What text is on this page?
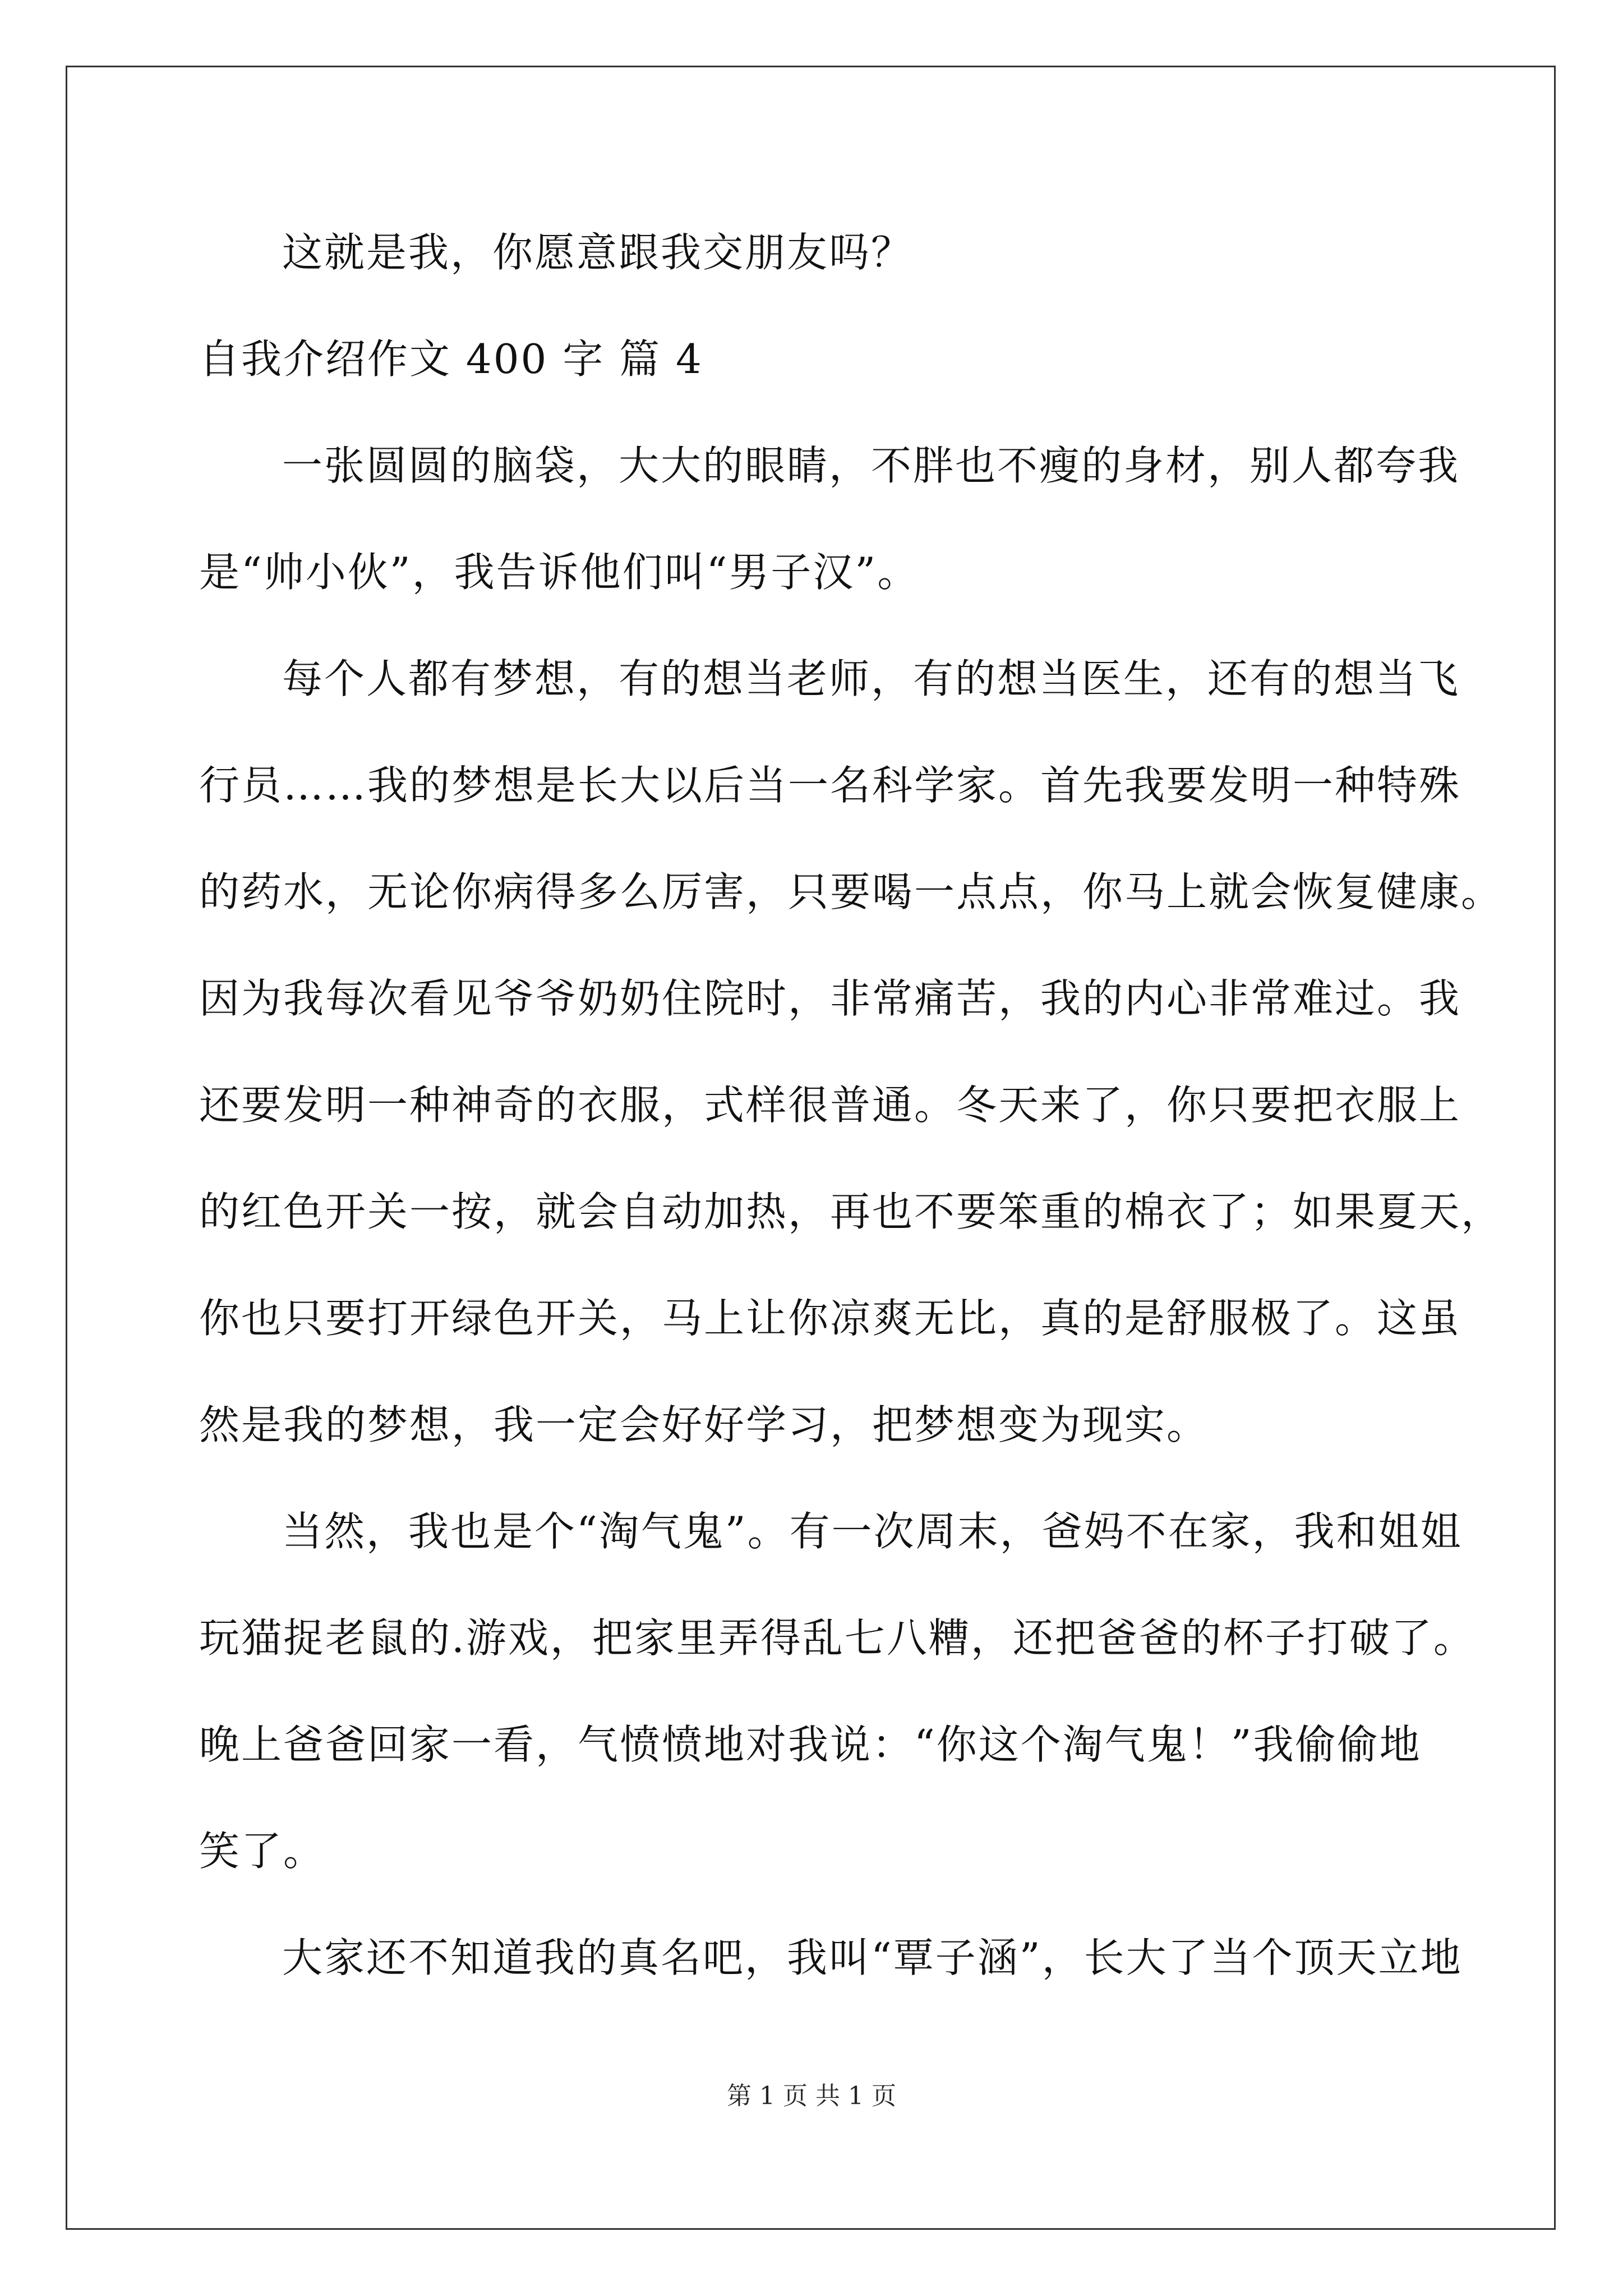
这就是我，你愿意跟我交朋友吗？
自我介绍作文 400 字 篇 4
一张圆圆的脑袋，大大的眼睛，不胖也不瘦的身材，别人都夸我
是“帅小伙”，我告诉他们叫“男子汉”。
每个人都有梦想，有的想当老师，有的想当医生，还有的想当飞
行员……我的梦想是长大以后当一名科学家。首先我要发明一种特殊
的药水，无论你病得多么厉害，只要喝一点点，你马上就会恢复健康。
因为我每次看见爷爷奶奶住院时，非常痛苦，我的内心非常难过。我
还要发明一种神奇的衣服，式样很普通。冬天来了，你只要把衣服上
的红色开关一按，就会自动加热，再也不要笨重的棉衣了；如果夏天，
你也只要打开绿色开关，马上让你凉爽无比，真的是舒服极了。这虽
然是我的梦想，我一定会好好学习，把梦想变为现实。
当然，我也是个“淘气鬼”。有一次周末，爸妈不在家，我和姐姐
玩猫捉老鼠的.游戏，把家里弄得乱七八糟，还把爸爸的杯子打破了。
晚上爸爸回家一看，气愤愤地对我说：“你这个淘气鬼！”我偷偷地
笑了。
大家还不知道我的真名吧，我叫“覃子涵”，长大了当个顶天立地
第 1 页 共 1 页
